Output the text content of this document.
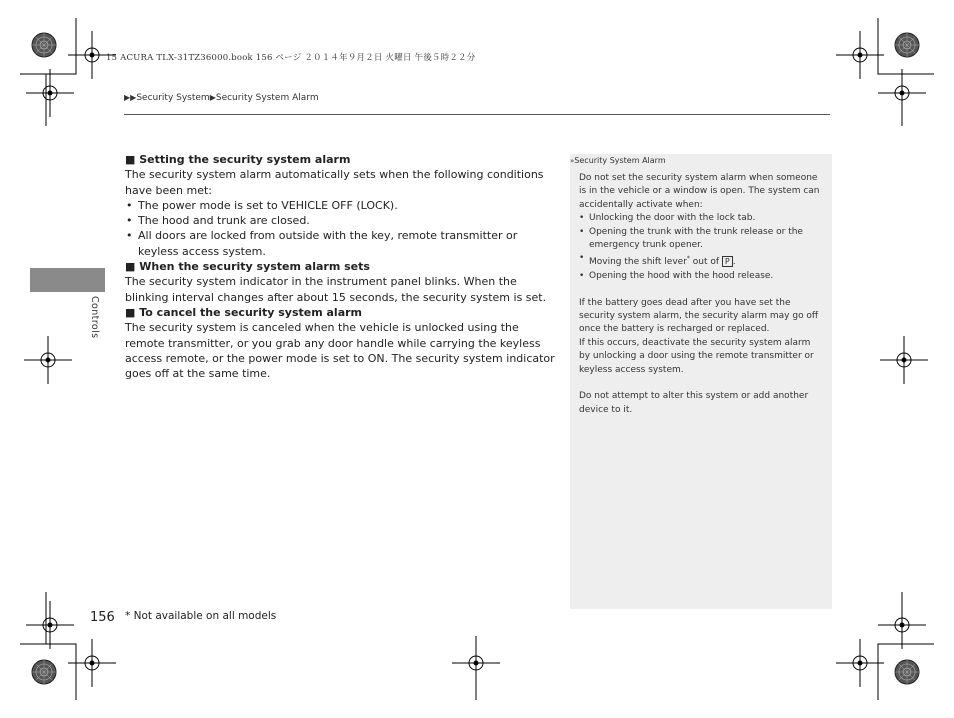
15 ACURA TLX-31TZ36000.book 156 ページ ２０１４年９月２日 火曜日 午後５時２２分
▶▶Security System▶Security System Alarm
Controls
■ Setting the security system alarm

The security system alarm automatically sets when the following conditions have been met:

• The power mode is set to VEHICLE OFF (LOCK).
• The hood and trunk are closed.
• All doors are locked from outside with the key, remote transmitter or keyless access system.
■ When the security system alarm sets

The security system indicator in the instrument panel blinks. When the blinking interval changes after about 15 seconds, the security system is set.

■ To cancel the security system alarm

The security system is canceled when the vehicle is unlocked using the remote transmitter, or you grab any door handle while carrying the keyless access remote, or the power mode is set to ON. The security system indicator goes off at the same time.

»Security System Alarm

Do not set the security system alarm when someone is in the vehicle or a window is open. The system can accidentally activate when:

• Unlocking the door with the lock tab.
• Opening the trunk with the trunk release or the emergency trunk opener.
• Moving the shift lever* out of P .
• Opening the hood with the hood release.

If the battery goes dead after you have set the security system alarm, the security alarm may go off once the battery is recharged or replaced.

If this occurs, deactivate the security system alarm by unlocking a door using the remote transmitter or keyless access system.

Do not attempt to alter this system or add another device to it.

156 * Not available on all models
